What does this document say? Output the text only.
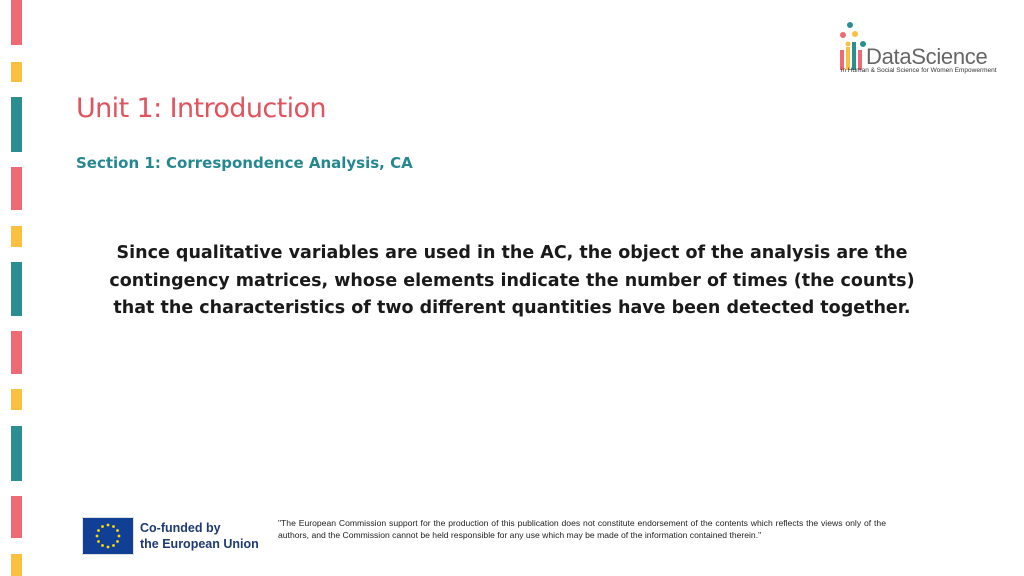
DataScience
in Human & Social Science for Women Empowerment
Unit 1: Introduction
Section 1: Correspondence Analysis, CA

Since qualitative variables are used in the AC, the object of the analysis are the contingency matrices, whose elements indicate the number of times (the counts) that the characteristics of two different quantities have been detected together.

Co-funded by
the European Union

"The European Commission support for the production of this publication does not constitute endorsement of the contents which reflects the views only of the authors, and the Commission cannot be held responsible for any use which may be made of the information contained therein."
